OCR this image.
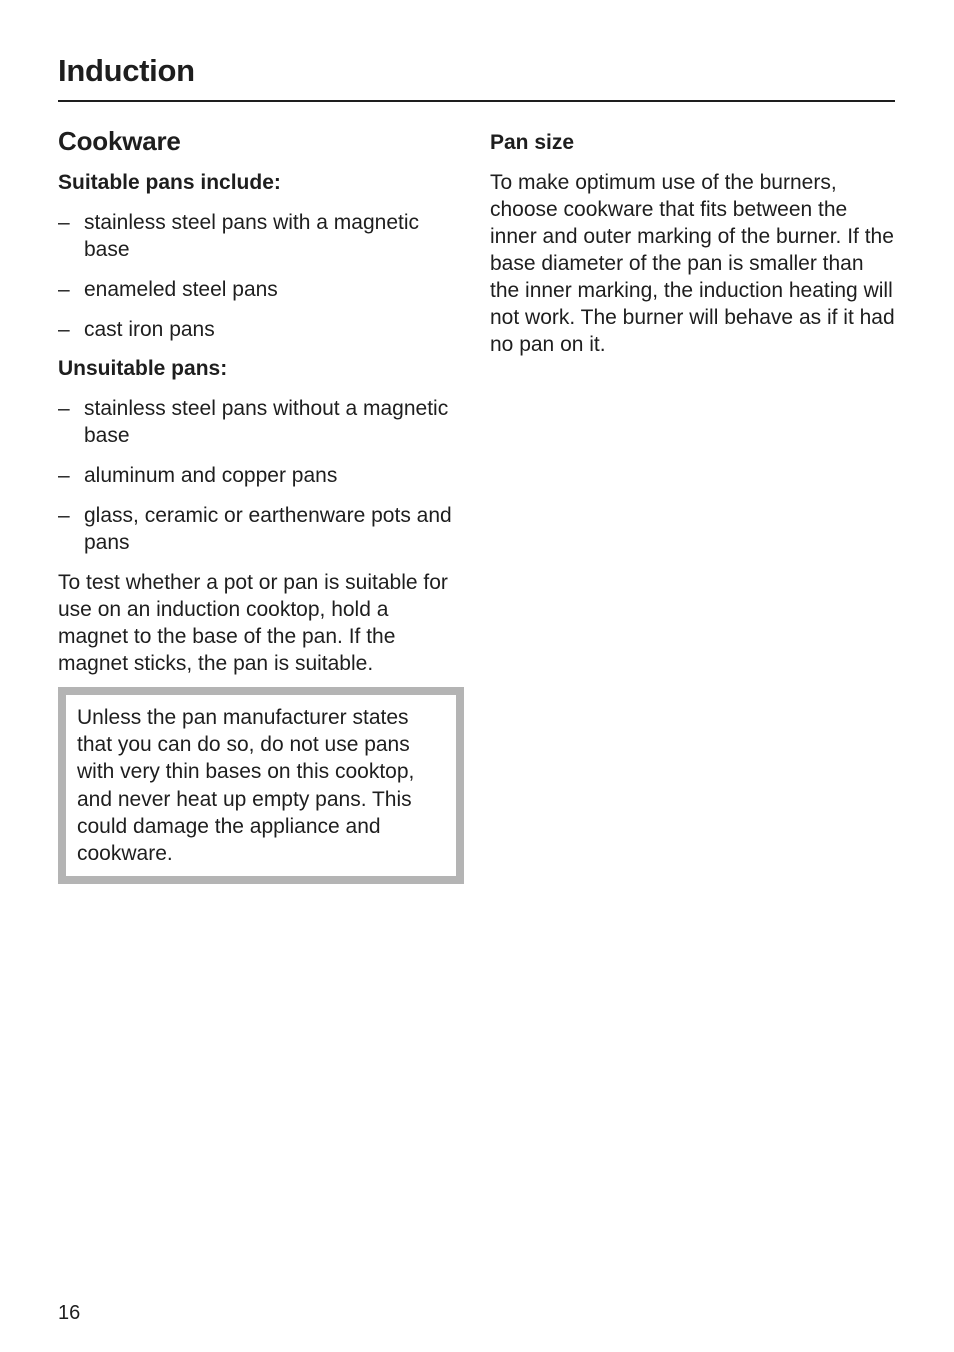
Induction
Cookware

Suitable pans include:

– stainless steel pans with a magnetic base
– enameled steel pans
– cast iron pans

Unsuitable pans:

– stainless steel pans without a magnetic base
– aluminum and copper pans
– glass, ceramic or earthenware pots and pans

To test whether a pot or pan is suitable for use on an induction cooktop, hold a magnet to the base of the pan. If the magnet sticks, the pan is suitable.

Unless the pan manufacturer states that you can do so, do not use pans with very thin bases on this cooktop, and never heat up empty pans. This could damage the appliance and cookware.

Pan size

To make optimum use of the burners, choose cookware that fits between the inner and outer marking of the burner. If the base diameter of the pan is smaller than the inner marking, the induction heating will not work. The burner will behave as if it had no pan on it.

16
